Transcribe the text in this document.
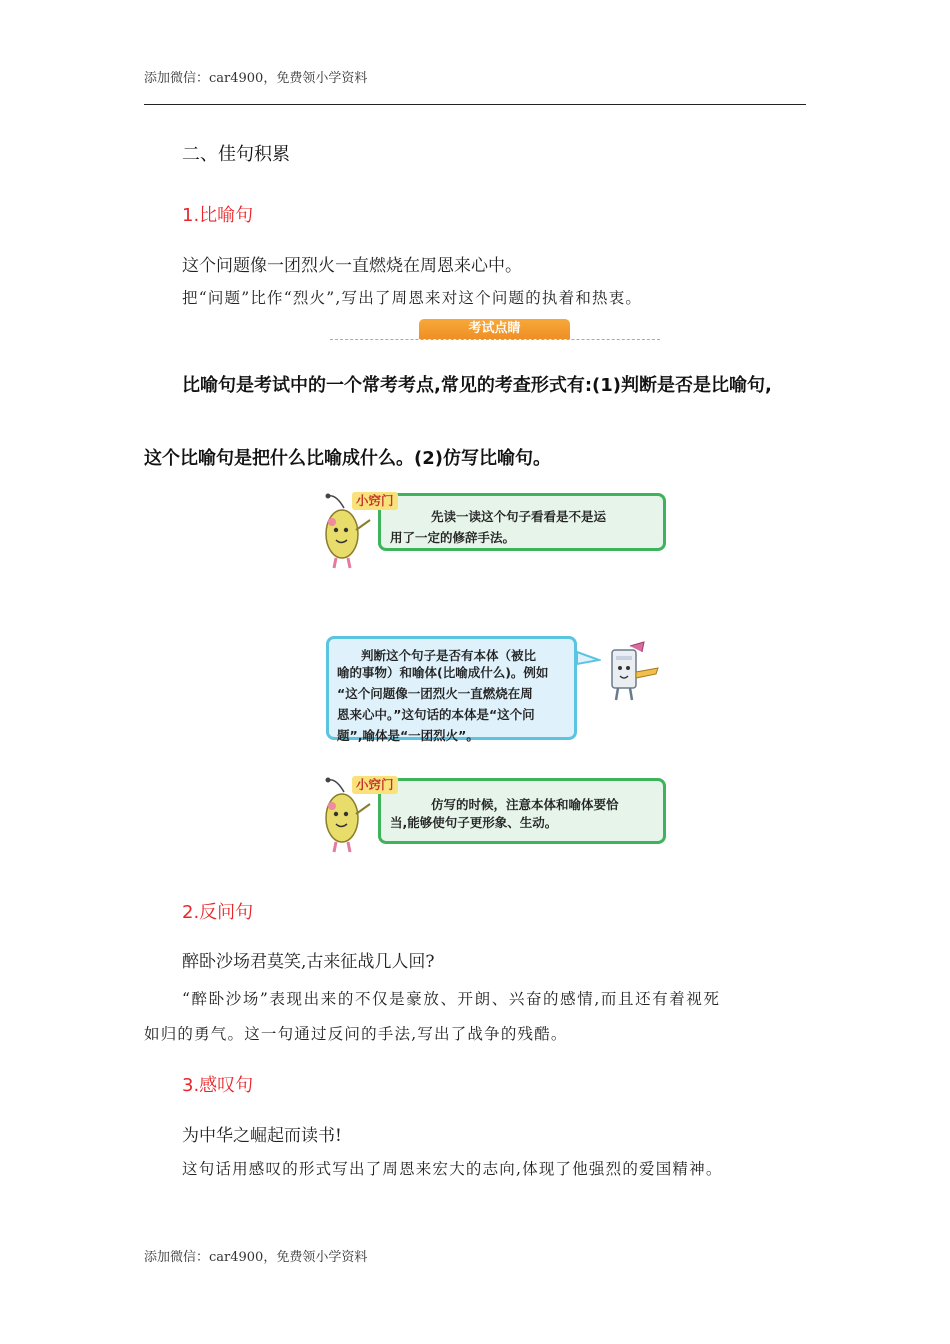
添加微信：car4900，免费领小学资料
二、佳句积累
1.比喻句
这个问题像一团烈火一直燃烧在周恩来心中。
把“问题”比作“烈火”,写出了周恩来对这个问题的执着和热衷。
考试点睛
比喻句是考试中的一个常考考点,常见的考查形式有:(1)判断是否是比喻句,
这个比喻句是把什么比喻成什么。(2)仿写比喻句。
先读一读这个句子看看是不是运
用了一定的修辞手法。
小窍门
判断这个句子是否有本体（被比
喻的事物）和喻体(比喻成什么)。例如
“这个问题像一团烈火一直燃烧在周
恩来心中。”这句话的本体是“这个问
题”,喻体是“一团烈火”。
仿写的时候，注意本体和喻体要恰
当,能够使句子更形象、生动。
小窍门
2.反问句
醉卧沙场君莫笑,古来征战几人回?
“醉卧沙场”表现出来的不仅是豪放、开朗、兴奋的感情,而且还有着视死
如归的勇气。这一句通过反问的手法,写出了战争的残酷。
3.感叹句
为中华之崛起而读书!
这句话用感叹的形式写出了周恩来宏大的志向,体现了他强烈的爱国精神。
添加微信：car4900，免费领小学资料
